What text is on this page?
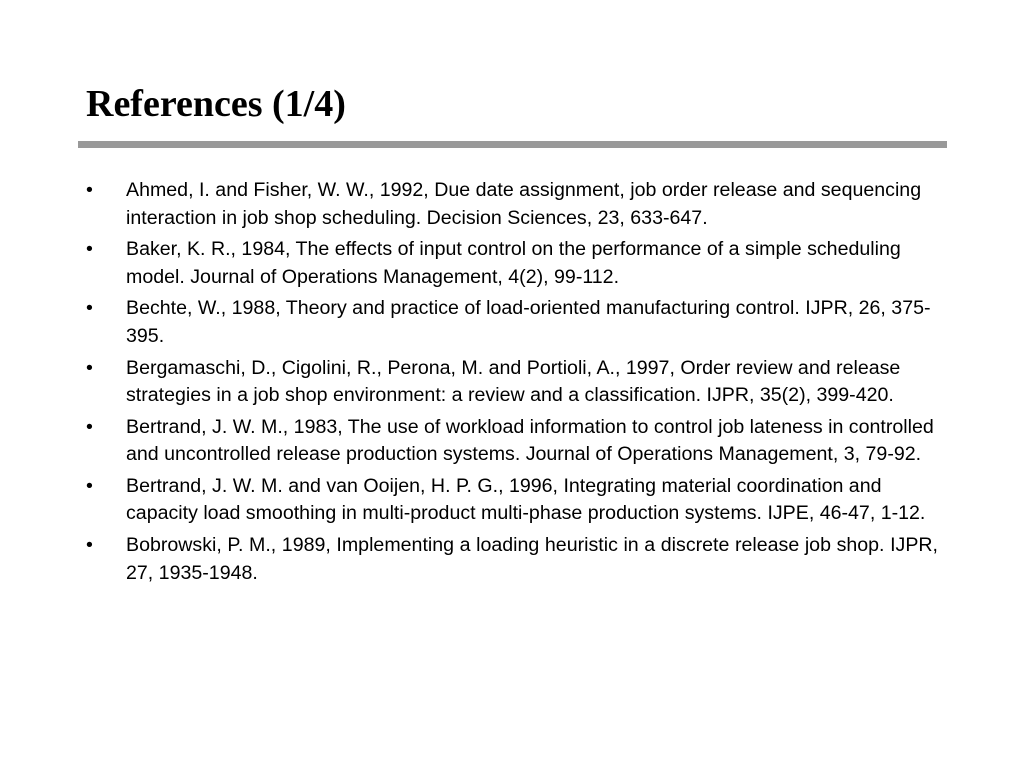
References (1/4)
• Ahmed, I. and Fisher, W. W., 1992, Due date assignment, job order release and sequencing interaction in job shop scheduling. Decision Sciences, 23, 633-647.
• Baker, K. R., 1984, The effects of input control on the performance of a simple scheduling model. Journal of Operations Management, 4(2), 99-112.
• Bechte, W., 1988, Theory and practice of load-oriented manufacturing control. IJPR, 26, 375-395.
• Bergamaschi, D., Cigolini, R., Perona, M. and Portioli, A., 1997, Order review and release strategies in a job shop environment: a review and a classification. IJPR, 35(2), 399-420.
• Bertrand, J. W. M., 1983, The use of workload information to control job lateness in controlled and uncontrolled release production systems. Journal of Operations Management, 3, 79-92.
• Bertrand, J. W. M. and van Ooijen, H. P. G., 1996, Integrating material coordination and capacity load smoothing in multi-product multi-phase production systems. IJPE, 46-47, 1-12.
• Bobrowski, P. M., 1989, Implementing a loading heuristic in a discrete release job shop. IJPR, 27, 1935-1948.
